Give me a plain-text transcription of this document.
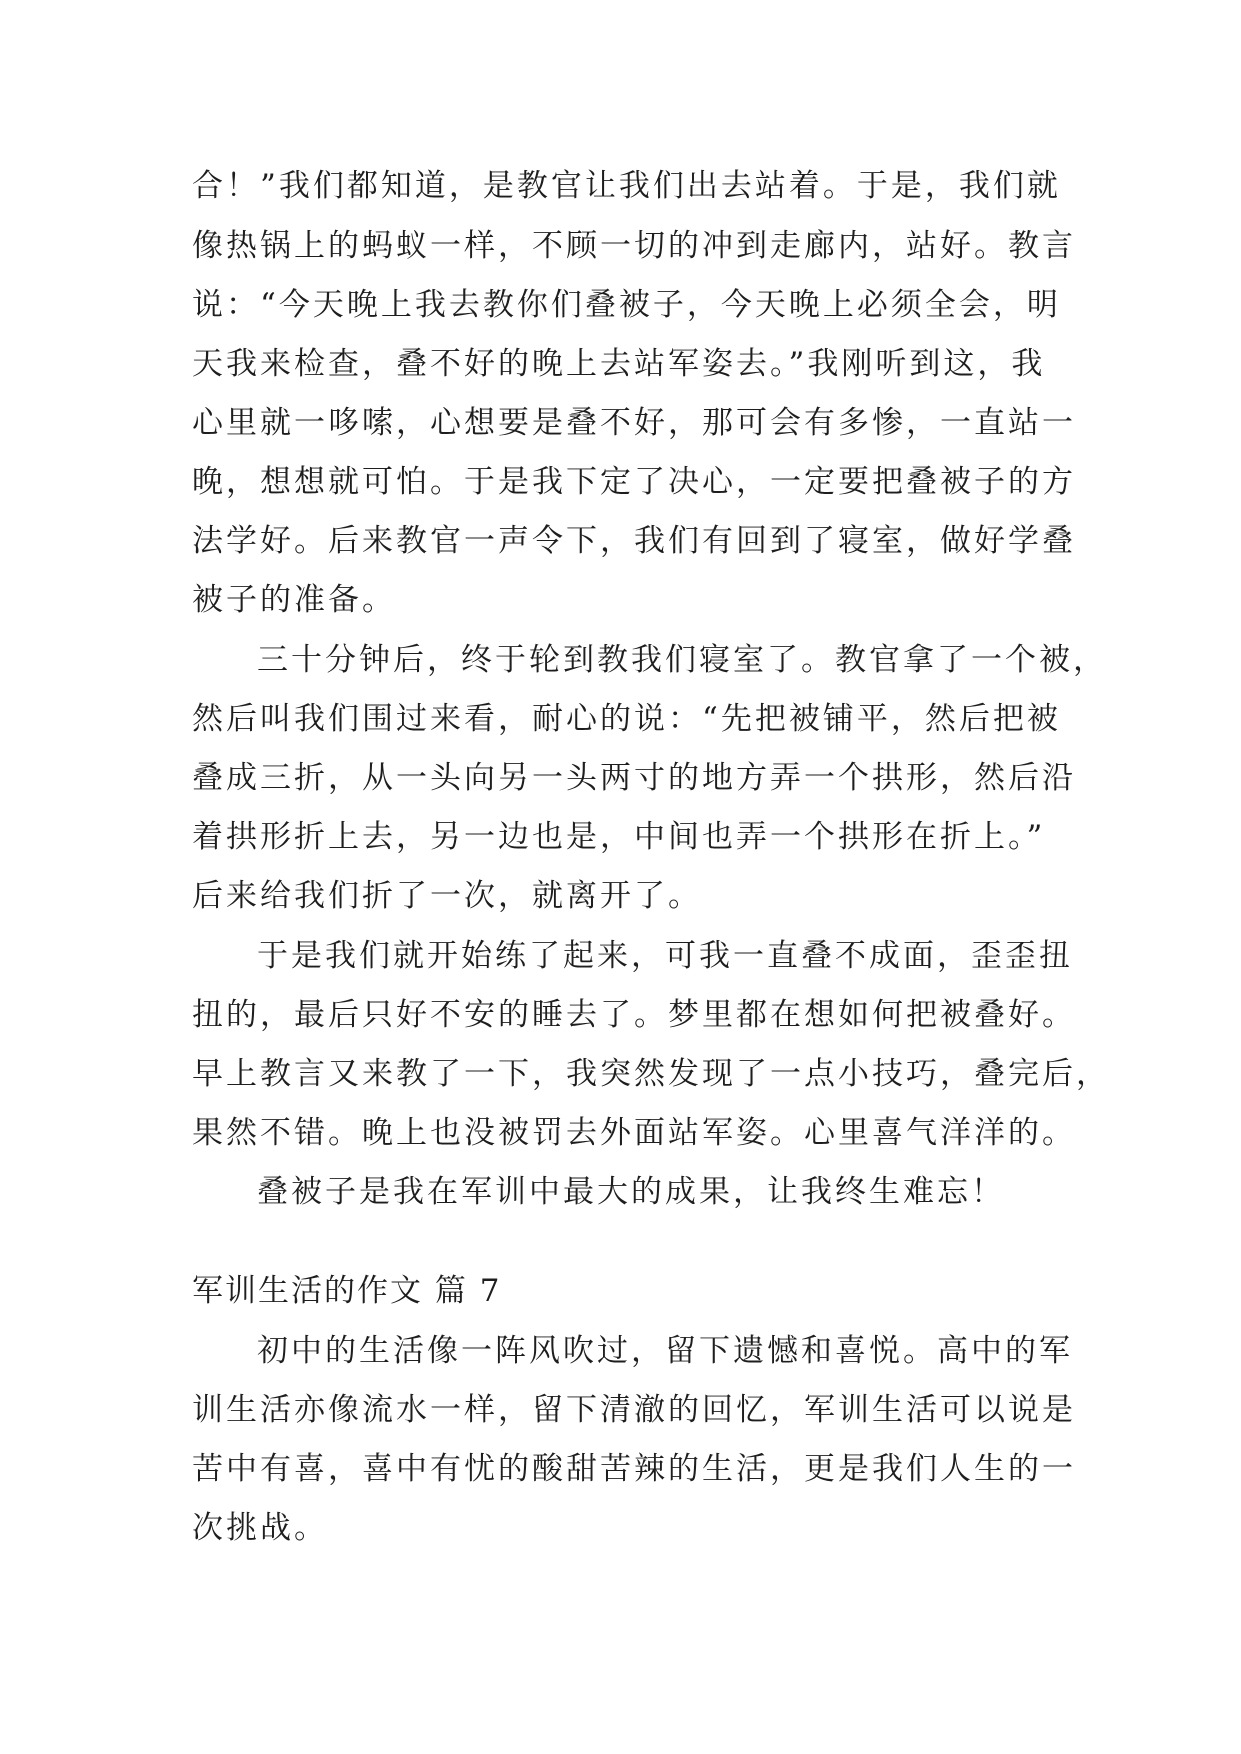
合！”我们都知道，是教官让我们出去站着。于是，我们就
像热锅上的蚂蚁一样，不顾一切的冲到走廊内，站好。教言
说：“今天晚上我去教你们叠被子，今天晚上必须全会，明
天我来检查，叠不好的晚上去站军姿去。”我刚听到这，我
心里就一哆嗦，心想要是叠不好，那可会有多惨，一直站一
晚，想想就可怕。于是我下定了决心，一定要把叠被子的方
法学好。后来教官一声令下，我们有回到了寝室，做好学叠
被子的准备。
三十分钟后，终于轮到教我们寝室了。教官拿了一个被，
然后叫我们围过来看，耐心的说：“先把被铺平，然后把被
叠成三折，从一头向另一头两寸的地方弄一个拱形，然后沿
着拱形折上去，另一边也是，中间也弄一个拱形在折上。”
后来给我们折了一次，就离开了。
于是我们就开始练了起来，可我一直叠不成面，歪歪扭
扭的，最后只好不安的睡去了。梦里都在想如何把被叠好。
早上教言又来教了一下，我突然发现了一点小技巧，叠完后，
果然不错。晚上也没被罚去外面站军姿。心里喜气洋洋的。
叠被子是我在军训中最大的成果，让我终生难忘！
军训生活的作文 篇 7
初中的生活像一阵风吹过，留下遗憾和喜悦。高中的军
训生活亦像流水一样，留下清澈的回忆，军训生活可以说是
苦中有喜，喜中有忧的酸甜苦辣的生活，更是我们人生的一
次挑战。
